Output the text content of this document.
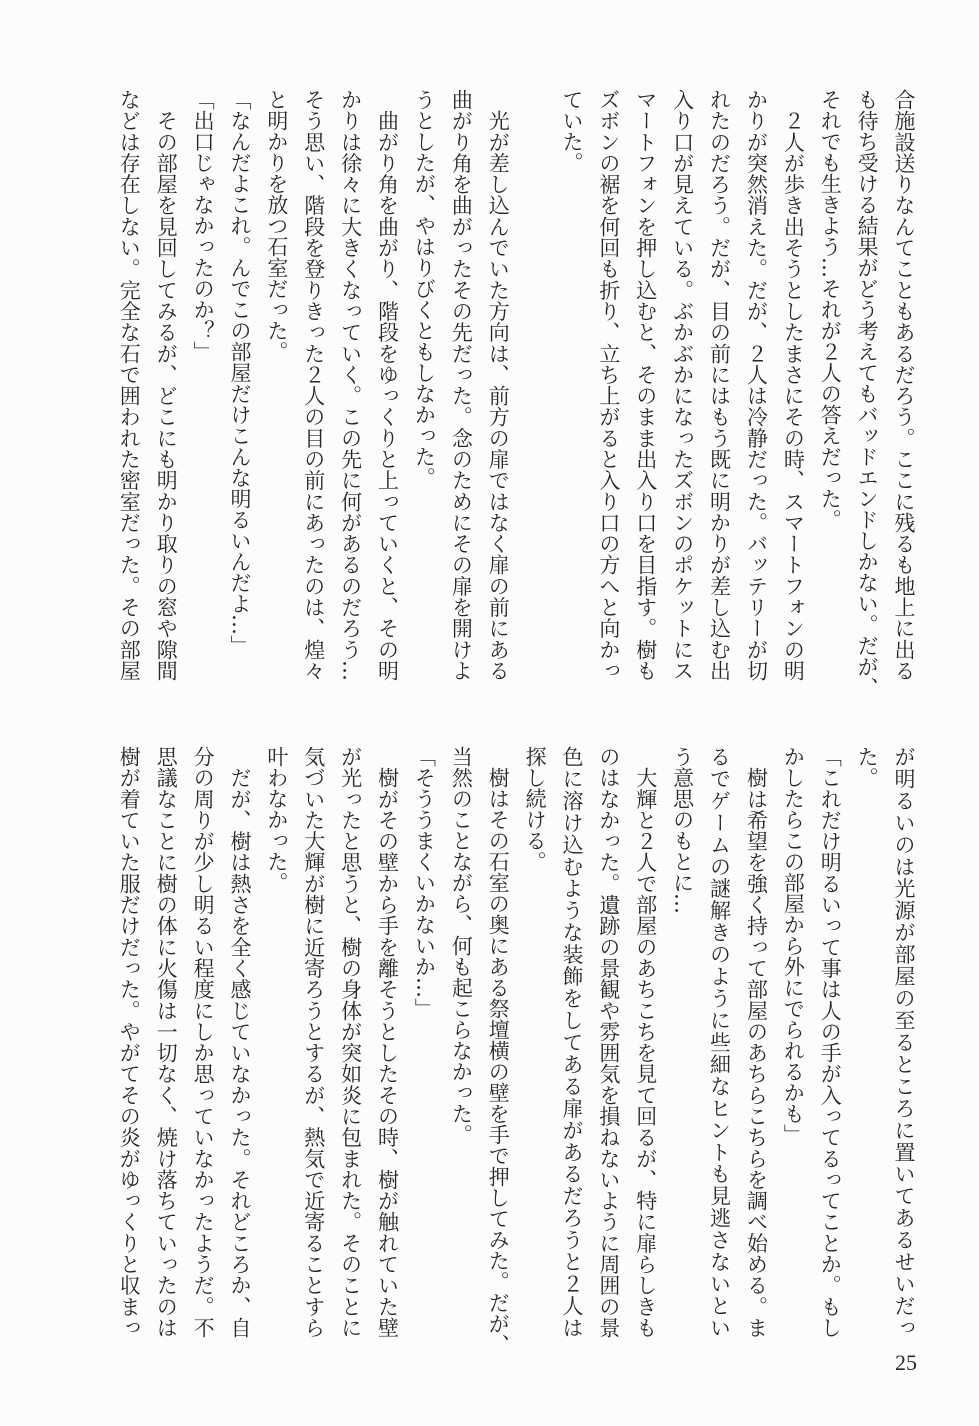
合施設送りなんてこともあるだろう。ここに残るも地上に出る
も待ち受ける結果がどう考えてもバッドエンドしかない。だが、
それでも生きよう…それが２人の答えだった。
　２人が歩き出そうとしたまさにその時、スマートフォンの明
かりが突然消えた。だが、２人は冷静だった。バッテリーが切
れたのだろう。だが、目の前にはもう既に明かりが差し込む出
入り口が見えている。ぶかぶかになったズボンのポケットにス
マートフォンを押し込むと、そのまま出入り口を目指す。樹も
ズボンの裾を何回も折り、立ち上がると入り口の方へと向かっ
ていた。
　光が差し込んでいた方向は、前方の扉ではなく扉の前にある
曲がり角を曲がったその先だった。念のためにその扉を開けよ
うとしたが、やはりびくともしなかった。
　曲がり角を曲がり、階段をゆっくりと上っていくと、その明
かりは徐々に大きくなっていく。この先に何があるのだろう…
そう思い、階段を登りきった２人の目の前にあったのは、煌々
と明かりを放つ石室だった。
「なんだよこれ。んでこの部屋だけこんな明るいんだよ…」
「出口じゃなかったのか？」
　その部屋を見回してみるが、どこにも明かり取りの窓や隙間
などは存在しない。完全な石で囲われた密室だった。その部屋
が明るいのは光源が部屋の至るところに置いてあるせいだっ
た。
「これだけ明るいって事は人の手が入ってるってことか。もし
かしたらこの部屋から外にでられるかも」
　樹は希望を強く持って部屋のあちらこちらを調べ始める。ま
るでゲームの謎解きのように些細なヒントも見逃さないとい
う意思のもとに…
　大輝と２人で部屋のあちこちを見て回るが、特に扉らしきも
のはなかった。遺跡の景観や雰囲気を損ねないように周囲の景
色に溶け込むような装飾をしてある扉があるだろうと２人は
探し続ける。
　樹はその石室の奥にある祭壇横の壁を手で押してみた。だが、
当然のことながら、何も起こらなかった。
「そううまくいかないか…」
　樹がその壁から手を離そうとしたその時、樹が触れていた壁
が光ったと思うと、樹の身体が突如炎に包まれた。そのことに
気づいた大輝が樹に近寄ろうとするが、熱気で近寄ることすら
叶わなかった。
　だが、樹は熱さを全く感じていなかった。それどころか、自
分の周りが少し明るい程度にしか思っていなかったようだ。不
思議なことに樹の体に火傷は一切なく、焼け落ちていったのは
樹が着ていた服だけだった。やがてその炎がゆっくりと収まっ
25
